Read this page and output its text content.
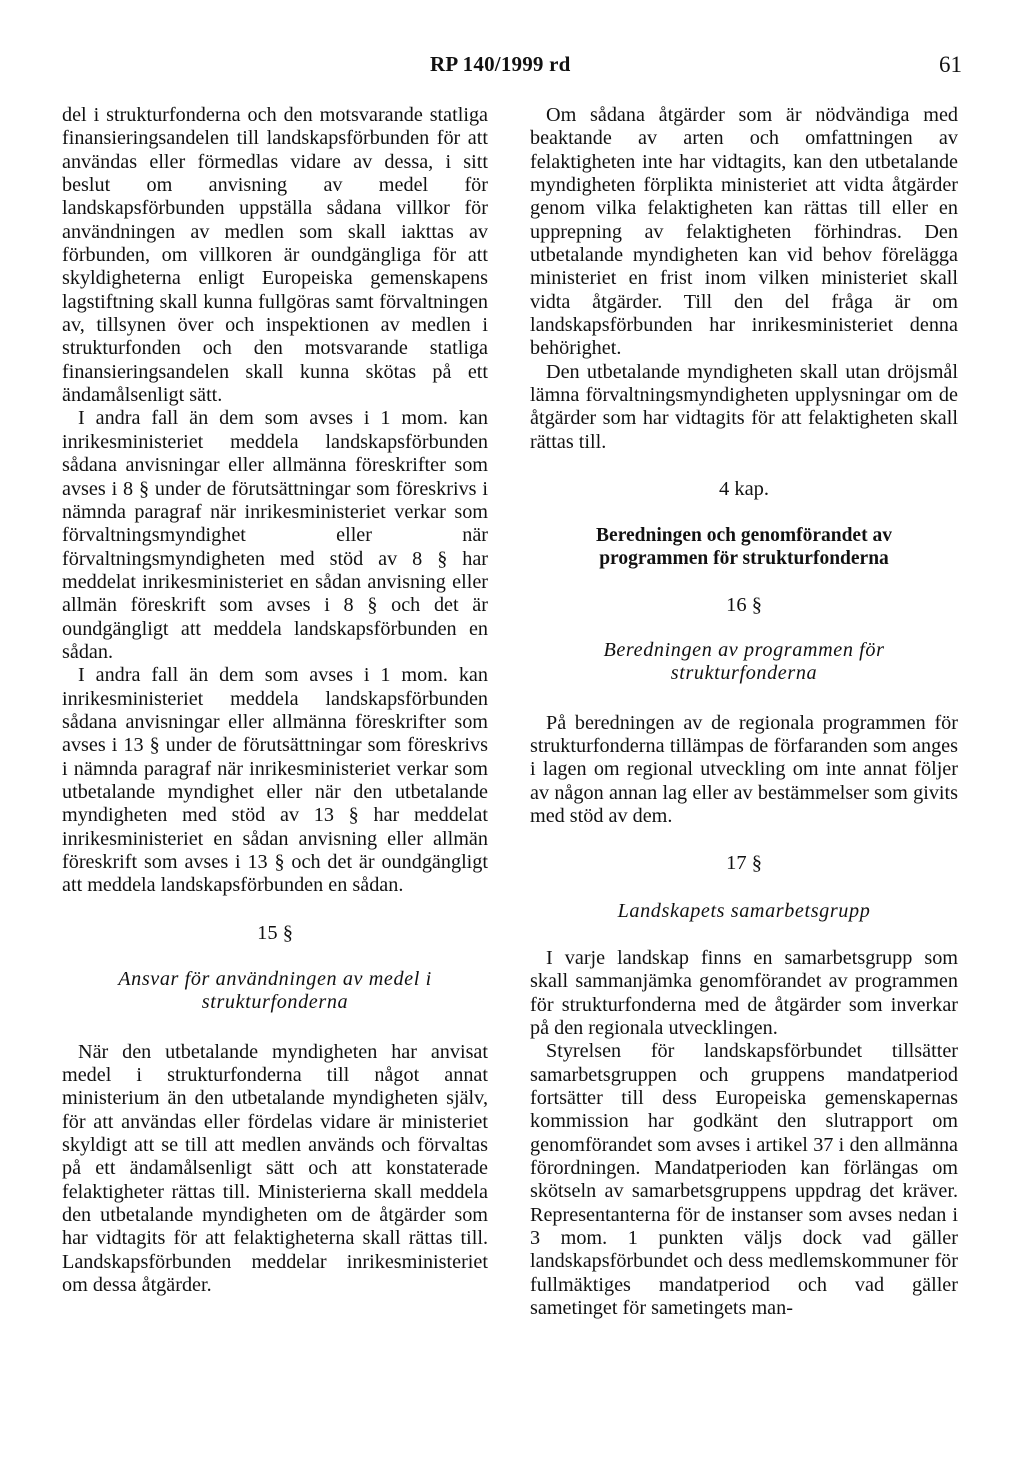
RP 140/1999 rd	61

del i strukturfonderna och den motsvarande statliga finansieringsandelen till landskapsförbunden för att användas eller förmedlas vidare av dessa, i sitt beslut om anvisning av medel för landskapsförbunden uppställa sådana villkor för användningen av medlen som skall iakttas av förbunden, om villkoren är oundgängliga för att skyldigheterna enligt Europeiska gemenskapens lagstiftning skall kunna fullgöras samt förvaltningen av, tillsynen över och inspektionen av medlen i strukturfonden och den motsvarande statliga finansieringsandelen skall kunna skötas på ett ändamålsenligt sätt.

I andra fall än dem som avses i 1 mom. kan inrikesministeriet meddela landskapsförbunden sådana anvisningar eller allmänna föreskrifter som avses i 8 § under de förutsättningar som föreskrivs i nämnda paragraf när inrikesministeriet verkar som förvaltningsmyndighet eller när förvaltningsmyndigheten med stöd av 8 § har meddelat inrikesministeriet en sådan anvisning eller allmän föreskrift som avses i 8 § och det är oundgängligt att meddela landskapsförbunden en sådan.

I andra fall än dem som avses i 1 mom. kan inrikesministeriet meddela landskapsförbunden sådana anvisningar eller allmänna föreskrifter som avses i 13 § under de förutsättningar som föreskrivs i nämnda paragraf när inrikesministeriet verkar som utbetalande myndighet eller när den utbetalande myndigheten med stöd av 13 § har meddelat inrikesministeriet en sådan anvisning eller allmän föreskrift som avses i 13 § och det är oundgängligt att meddela landskapsförbunden en sådan.

15 §

Ansvar för användningen av medel i strukturfonderna

När den utbetalande myndigheten har anvisat medel i strukturfonderna till något annat ministerium än den utbetalande myndigheten själv, för att användas eller fördelas vidare är ministeriet skyldigt att se till att medlen används och förvaltas på ett ändamålsenligt sätt och att konstaterade felaktigheter rättas till. Ministerierna skall meddela den utbetalande myndigheten om de åtgärder som har vidtagits för att felaktigheterna skall rättas till. Landskapsförbunden meddelar inrikesministeriet om dessa åtgärder.

Om sådana åtgärder som är nödvändiga med beaktande av arten och omfattningen av felaktigheten inte har vidtagits, kan den utbetalande myndigheten förplikta ministeriet att vidta åtgärder genom vilka felaktigheten kan rättas till eller en upprepning av felaktigheten förhindras. Den utbetalande myndigheten kan vid behov förelägga ministeriet en frist inom vilken ministeriet skall vidta åtgärder. Till den del fråga är om landskapsförbunden har inrikesministeriet denna behörighet.

Den utbetalande myndigheten skall utan dröjsmål lämna förvaltningsmyndigheten upplysningar om de åtgärder som har vidtagits för att felaktigheten skall rättas till.

4 kap.

Beredningen och genomförandet av programmen för strukturfonderna

16 §

Beredningen av programmen för strukturfonderna

På beredningen av de regionala programmen för strukturfonderna tillämpas de förfaranden som anges i lagen om regional utveckling om inte annat följer av någon annan lag eller av bestämmelser som givits med stöd av dem.

17 §

Landskapets samarbetsgrupp

I varje landskap finns en samarbetsgrupp som skall sammanjämka genomförandet av programmen för strukturfonderna med de åtgärder som inverkar på den regionala utvecklingen.

Styrelsen för landskapsförbundet tillsätter samarbetsgruppen och gruppens mandatperiod fortsätter till dess Europeiska gemenskapernas kommission har godkänt den slutrapport om genomförandet som avses i artikel 37 i den allmänna förordningen. Mandatperioden kan förlängas om skötseln av samarbetsgruppens uppdrag det kräver. Representanterna för de instanser som avses nedan i 3 mom. 1 punkten väljs dock vad gäller landskapsförbundet och dess medlemskommuner för fullmäktiges mandatperiod och vad gäller sametinget för sametingets man-
